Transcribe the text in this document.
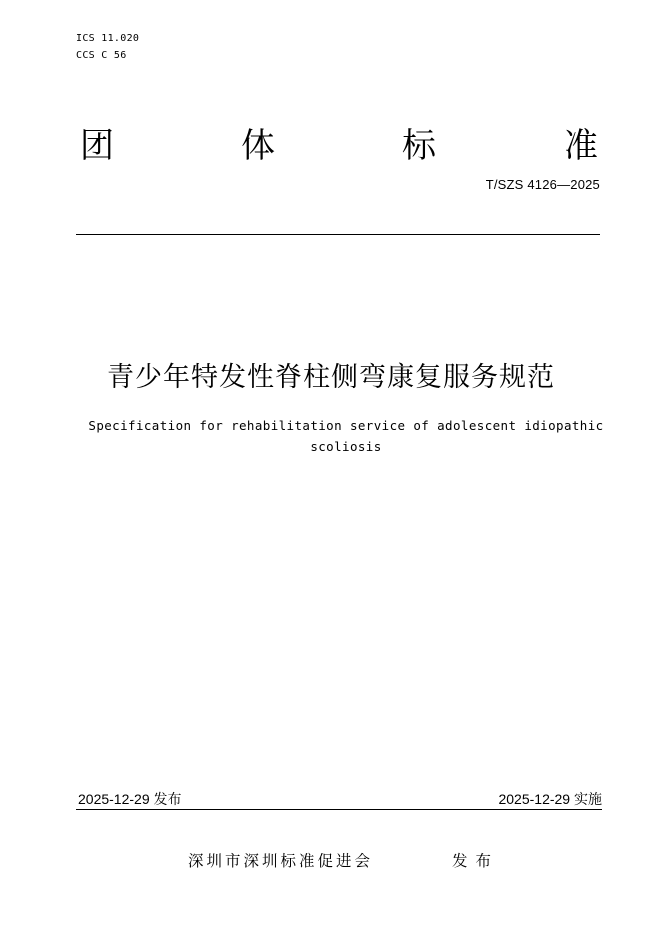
ICS 11.020
CCS C 56
团	体	标	准
T/SZS 4126—2025
青少年特发性脊柱侧弯康复服务规范
Specification for rehabilitation service of adolescent idiopathic scoliosis
2025-12-29 发布	2025-12-29 实施
深圳市深圳标准促进会	发布
